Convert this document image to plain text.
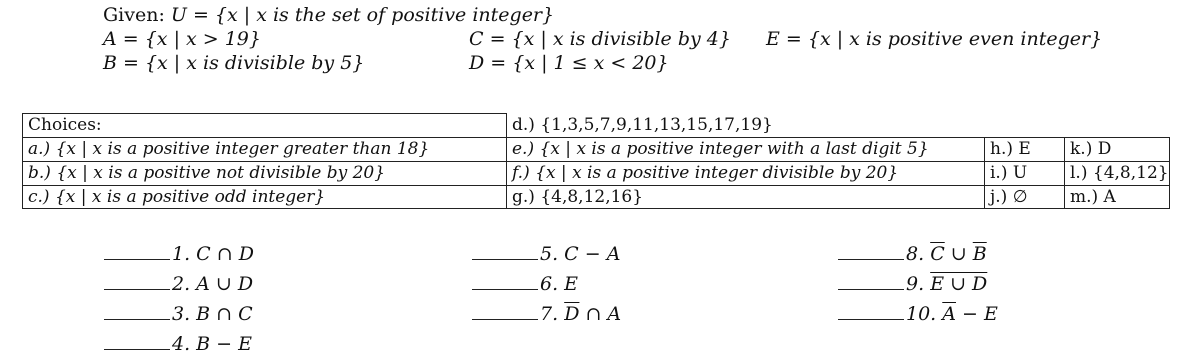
Given: U = {x | x is the set of positive integer}
A = {x | x > 19}
B = {x | x is divisible by 5}
C = {x | x is divisible by 4}
D = {x | 1 ≤ x < 20}
E = {x | x is positive even integer}
Choices:
a.) {x | x is a positive integer greater than 18}
b.) {x | x is a positive not divisible by 20}
c.) {x | x is a positive odd integer}
d.) {1,3,5,7,9,11,13,15,17,19}
e.) {x | x is a positive integer with a last digit 5}
f.) {x | x is a positive integer divisible by 20}
g.) {4,8,12,16}
h.) E
i.) U
j.) ∅
k.) D
l.) {4,8,12}
m.) A
1. C ∩ D
2. A ∪ D
3. B ∩ C
4. B − E
5. C − A
6. E
7. $\overline{D}$ ∩ A
8. $\overline{C}$ ∪ $\overline{B}$
9. E ∪ D
10. $\overline{A} - E$
